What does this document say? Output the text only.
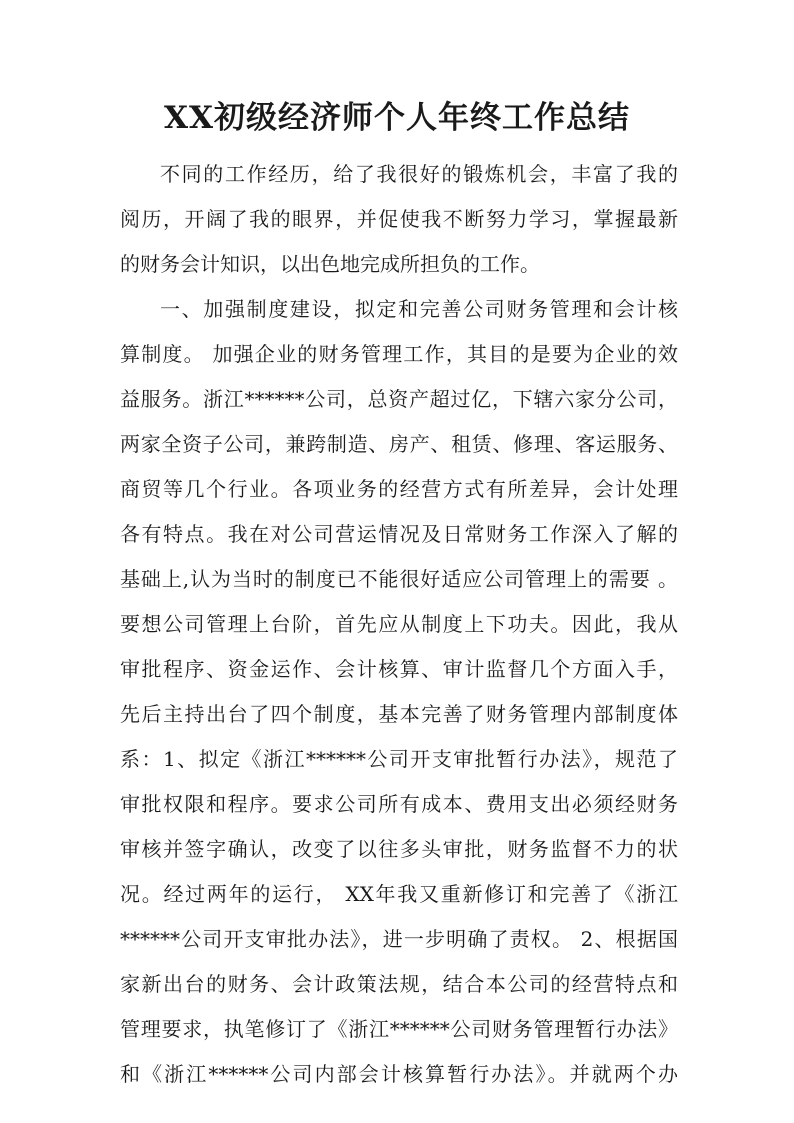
XX初级经济师个人年终工作总结
不同的工作经历，给了我很好的锻炼机会，丰富了我的
阅历，开阔了我的眼界，并促使我不断努力学习，掌握最新
的财务会计知识，以出色地完成所担负的工作。
一、加强制度建设，拟定和完善公司财务管理和会计核
算制度。 加强企业的财务管理工作，其目的是要为企业的效
益服务。浙江******公司，总资产超过亿，下辖六家分公司，
两家全资子公司，兼跨制造、房产、租赁、修理、客运服务、
商贸等几个行业。各项业务的经营方式有所差异，会计处理
各有特点。我在对公司营运情况及日常财务工作深入了解的
基础上,认为当时的制度已不能很好适应公司管理上的需要 。
要想公司管理上台阶，首先应从制度上下功夫。因此，我从
审批程序、资金运作、会计核算、审计监督几个方面入手，
先后主持出台了四个制度，基本完善了财务管理内部制度体
系：1、拟定《浙江******公司开支审批暂行办法》，规范了
审批权限和程序。要求公司所有成本、费用支出必须经财务
审核并签字确认，改变了以往多头审批，财务监督不力的状
况。经过两年的运行， XX年我又重新修订和完善了《浙江
******公司开支审批办法》，进一步明确了责权。 2、根据国
家新出台的财务、会计政策法规，结合本公司的经营特点和
管理要求，执笔修订了《浙江******公司财务管理暂行办法》
和《浙江******公司内部会计核算暂行办法》。并就两个办
